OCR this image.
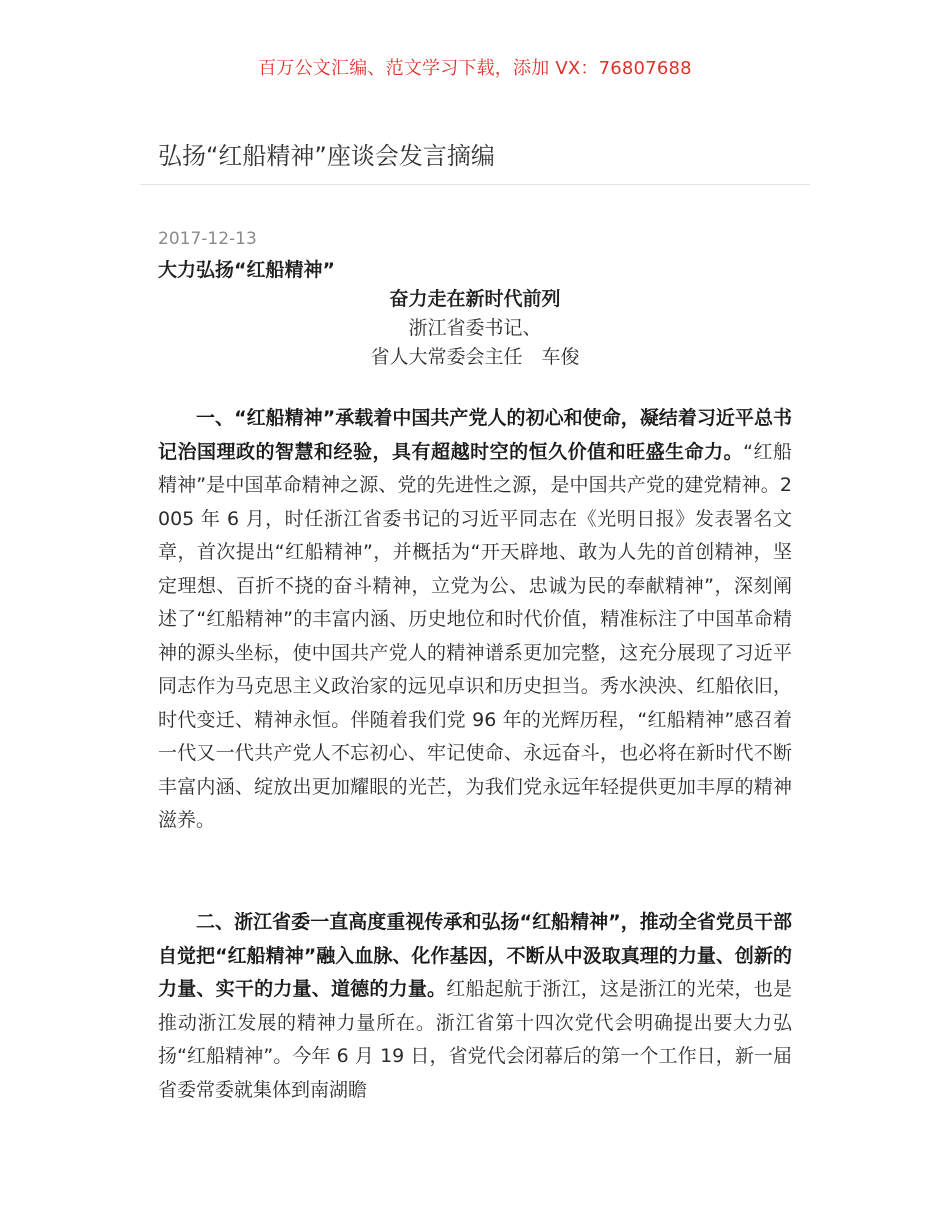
百万公文汇编、范文学习下载，添加 VX：76807688
弘扬“红船精神”座谈会发言摘编
2017-12-13
大力弘扬“红船精神”
奋力走在新时代前列
浙江省委书记、
省人大常委会主任　车俊

一、“红船精神”承载着中国共产党人的初心和使命，凝结着习近平总书记治国理政的智慧和经验，具有超越时空的恒久价值和旺盛生命力。“红船精神”是中国革命精神之源、党的先进性之源，是中国共产党的建党精神。2005 年 6 月，时任浙江省委书记的习近平同志在《光明日报》发表署名文章，首次提出“红船精神”，并概括为“开天辟地、敢为人先的首创精神，坚定理想、百折不挠的奋斗精神，立党为公、忠诚为民的奉献精神”，深刻阐述了“红船精神”的丰富内涵、历史地位和时代价值，精准标注了中国革命精神的源头坐标，使中国共产党人的精神谱系更加完整，这充分展现了习近平同志作为马克思主义政治家的远见卓识和历史担当。秀水泱泱、红船依旧，时代变迁、精神永恒。伴随着我们党 96 年的光辉历程，“红船精神”感召着一代又一代共产党人不忘初心、牢记使命、永远奋斗，也必将在新时代不断丰富内涵、绽放出更加耀眼的光芒，为我们党永远年轻提供更加丰厚的精神滋养。

二、浙江省委一直高度重视传承和弘扬“红船精神”，推动全省党员干部自觉把“红船精神”融入血脉、化作基因，不断从中汲取真理的力量、创新的力量、实干的力量、道德的力量。红船起航于浙江，这是浙江的光荣，也是推动浙江发展的精神力量所在。浙江省第十四次党代会明确提出要大力弘扬“红船精神”。今年 6 月 19 日，省党代会闭幕后的第一个工作日，新一届省委常委就集体到南湖瞻
